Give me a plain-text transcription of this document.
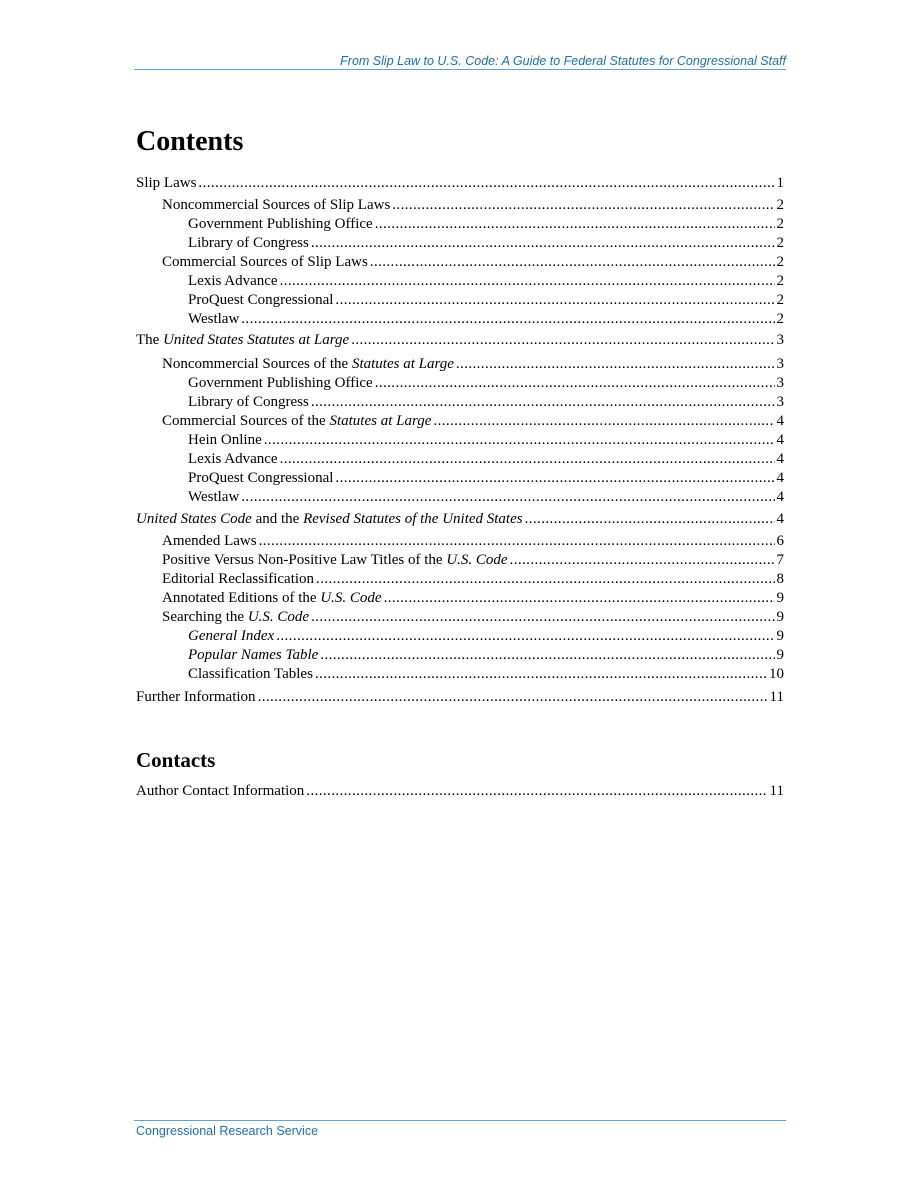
From Slip Law to U.S. Code: A Guide to Federal Statutes for Congressional Staff
Contents
Slip Laws .....	1
Noncommercial Sources of Slip Laws .....	2
Government Publishing Office .....	2
Library of Congress .....	2
Commercial Sources of Slip Laws .....	2
Lexis Advance .....	2
ProQuest Congressional .....	2
Westlaw .....	2
The United States Statutes at Large .....	3
Noncommercial Sources of the Statutes at Large .....	3
Government Publishing Office .....	3
Library of Congress .....	3
Commercial Sources of the Statutes at Large .....	4
Hein Online .....	4
Lexis Advance .....	4
ProQuest Congressional .....	4
Westlaw .....	4
United States Code and the Revised Statutes of the United States .....	4
Amended Laws .....	6
Positive Versus Non-Positive Law Titles of the U.S. Code .....	7
Editorial Reclassification .....	8
Annotated Editions of the U.S. Code .....	9
Searching the U.S. Code .....	9
General Index .....	9
Popular Names Table .....	9
Classification Tables .....	10
Further Information .....	11
Contacts
Author Contact Information .....	11
Congressional Research Service
